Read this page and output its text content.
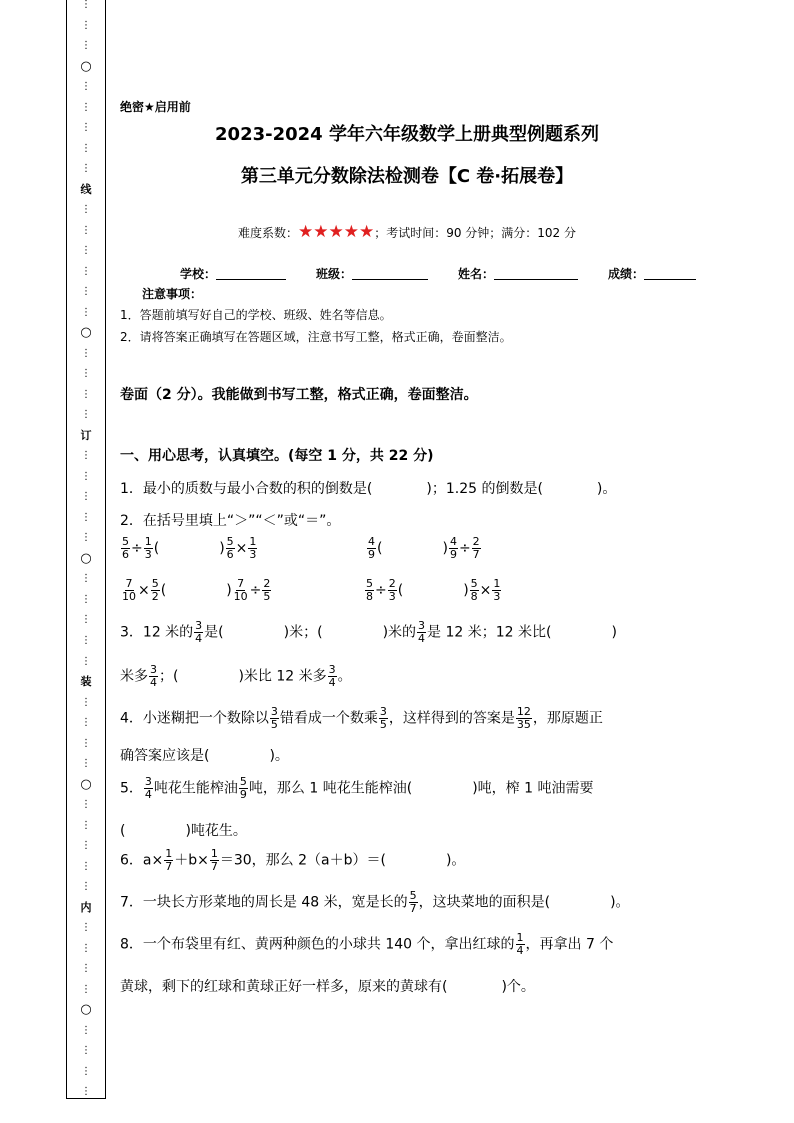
⋮
⋮
⋮
○
⋮
⋮
⋮
⋮
⋮
线
⋮
⋮
⋮
⋮
⋮
⋮
○
⋮
⋮
⋮
⋮
订
⋮
⋮
⋮
⋮
⋮
○
⋮
⋮
⋮
⋮
⋮
装
⋮
⋮
⋮
⋮
○
⋮
⋮
⋮
⋮
⋮
内
⋮
⋮
⋮
⋮
○
⋮
⋮
⋮
⋮
绝密★启用前
2023-2024 学年六年级数学上册典型例题系列
第三单元分数除法检测卷【C 卷·拓展卷】
难度系数：★★★★★；考试时间：90 分钟；满分：102 分
学校：	班级：	姓名：	成绩：
注意事项：
1．答题前填写好自己的学校、班级、姓名等信息。
2．请将答案正确填写在答题区域，注意书写工整，格式正确，卷面整洁。
卷面（2 分）。我能做到书写工整，格式正确，卷面整洁。
一、用心思考，认真填空。(每空 1 分，共 22 分)
1．最小的质数与最小合数的积的倒数是(	)；1.25 的倒数是(	)。
2．在括号里填上“＞”“＜”或“＝”。
$\frac{5}{6} \div \frac{1}{3}$ (	) $\frac{5}{6} \times \frac{1}{3}$	$\frac{4}{9}$ (	) $\frac{4}{9} \div \frac{2}{7}$
$\frac{7}{10} \times \frac{5}{2}$ (	) $\frac{7}{10} \div \frac{2}{5}$	$\frac{5}{8} \div \frac{2}{3}$ (	) $\frac{5}{8} \times \frac{1}{3}$
3．12 米的 $\frac{3}{4}$ 是(	)米；(	)米的 $\frac{3}{4}$ 是 12 米；12 米比(	)
米多 $\frac{3}{4}$ ；(	)米比 12 米多 $\frac{3}{4}$ 。
4．小迷糊把一个数除以 $\frac{3}{5}$ 错看成一个数乘 $\frac{3}{5}$ ，这样得到的答案是 $\frac{12}{35}$ ，那原题正
确答案应该是(	)。
5． $\frac{3}{4}$ 吨花生能榨油 $\frac{5}{9}$ 吨，那么 1 吨花生能榨油(	)吨，榨 1 吨油需要
(	)吨花生。
6．$a\times \frac{1}{7} +b\times \frac{1}{7} =30$，那么 2（a＋b）＝(	)。
7．一块长方形菜地的周长是 48 米，宽是长的 $\frac{5}{7}$ ，这块菜地的面积是(	)。
8．一个布袋里有红、黄两种颜色的小球共 140 个，拿出红球的 $\frac{1}{4}$ ，再拿出 7 个
黄球，剩下的红球和黄球正好一样多，原来的黄球有(	)个。
